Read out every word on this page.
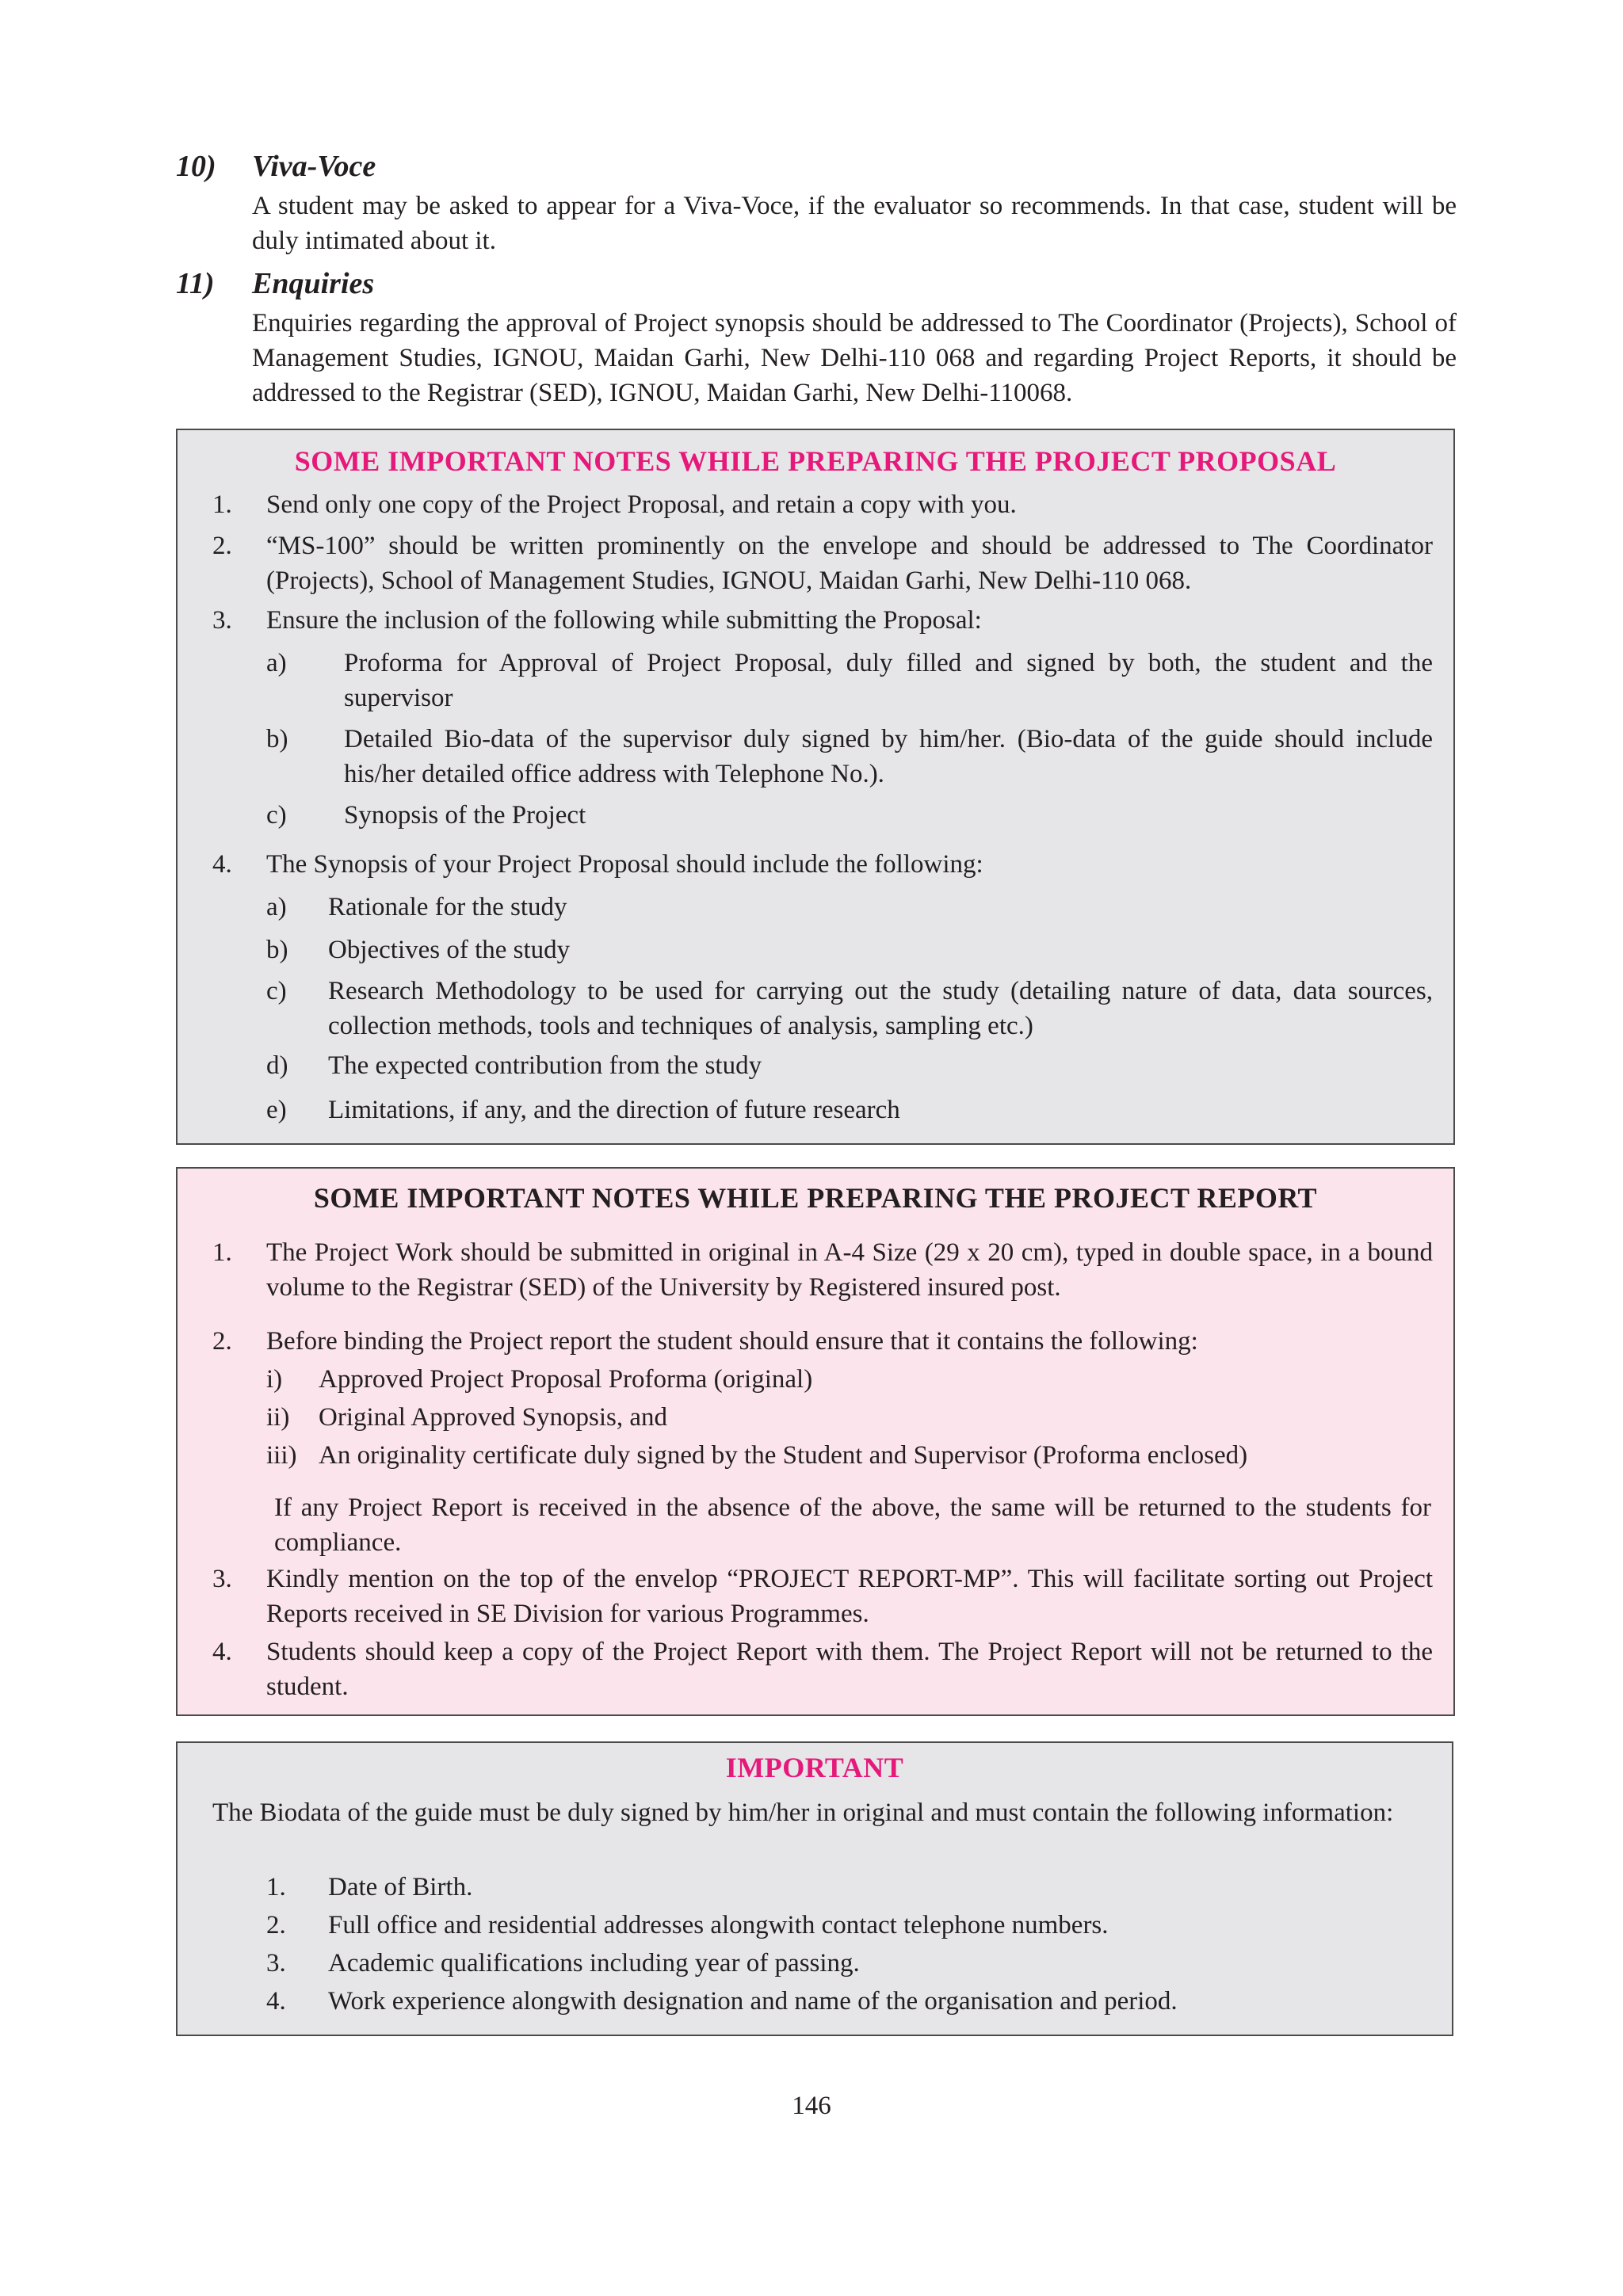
10) Viva-Voce
A student may be asked to appear for a Viva-Voce, if the evaluator so recommends. In that case, student will be duly intimated about it.
11) Enquiries
Enquiries regarding the approval of Project synopsis should be addressed to The Coordinator (Projects), School of Management Studies, IGNOU, Maidan Garhi, New Delhi-110 068 and regarding Project Reports, it should be addressed to the Registrar (SED), IGNOU, Maidan Garhi, New Delhi-110068.
SOME IMPORTANT NOTES WHILE PREPARING THE PROJECT PROPOSAL
1. Send only one copy of the Project Proposal, and retain a copy with you.
2. “MS-100” should be written prominently on the envelope and should be addressed to The Coordinator (Projects), School of Management Studies, IGNOU, Maidan Garhi, New Delhi-110 068.
3. Ensure the inclusion of the following while submitting the Proposal:
a) Proforma for Approval of Project Proposal, duly filled and signed by both, the student and the supervisor
b) Detailed Bio-data of the supervisor duly signed by him/her. (Bio-data of the guide should include his/her detailed office address with Telephone No.).
c) Synopsis of the Project
4. The Synopsis of your Project Proposal should include the following:
a) Rationale for the study
b) Objectives of the study
c) Research Methodology to be used for carrying out the study (detailing nature of data, data sources, collection methods, tools and techniques of analysis, sampling etc.)
d) The expected contribution from the study
e) Limitations, if any, and the direction of future research
SOME IMPORTANT NOTES WHILE PREPARING THE PROJECT REPORT
1. The Project Work should be submitted in original in A-4 Size (29 x 20 cm), typed in double space, in a bound volume to the Registrar (SED) of the University by Registered insured post.
2. Before binding the Project report the student should ensure that it contains the following:
i) Approved Project Proposal Proforma (original)
ii) Original Approved Synopsis, and
iii) An originality certificate duly signed by the Student and Supervisor (Proforma enclosed)
If any Project Report is received in the absence of the above, the same will be returned to the students for compliance.
3. Kindly mention on the top of the envelop “PROJECT REPORT-MP”. This will facilitate sorting out Project Reports received in SE Division for various Programmes.
4. Students should keep a copy of the Project Report with them. The Project Report will not be returned to the student.
IMPORTANT
The Biodata of the guide must be duly signed by him/her in original and must contain the following information:
1. Date of Birth.
2. Full office and residential addresses alongwith contact telephone numbers.
3. Academic qualifications including year of passing.
4. Work experience alongwith designation and name of the organisation and period.
146
